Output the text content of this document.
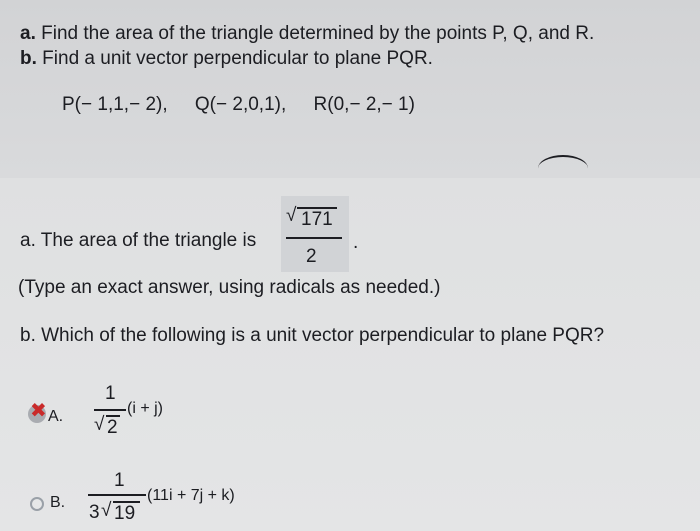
a. Find the area of the triangle determined by the points P, Q, and R.
b. Find a unit vector perpendicular to plane PQR.
P(− 1,1,− 2), Q(− 2,0,1), R(0,− 2,− 1)
a. The area of the triangle is
√ 171
2
.
(Type an exact answer, using radicals as needed.)
b. Which of the following is a unit vector perpendicular to plane PQR?
✖ A.
1
√ 2
(i + j)
B.
1
3 √ 19
(11i + 7j + k)
